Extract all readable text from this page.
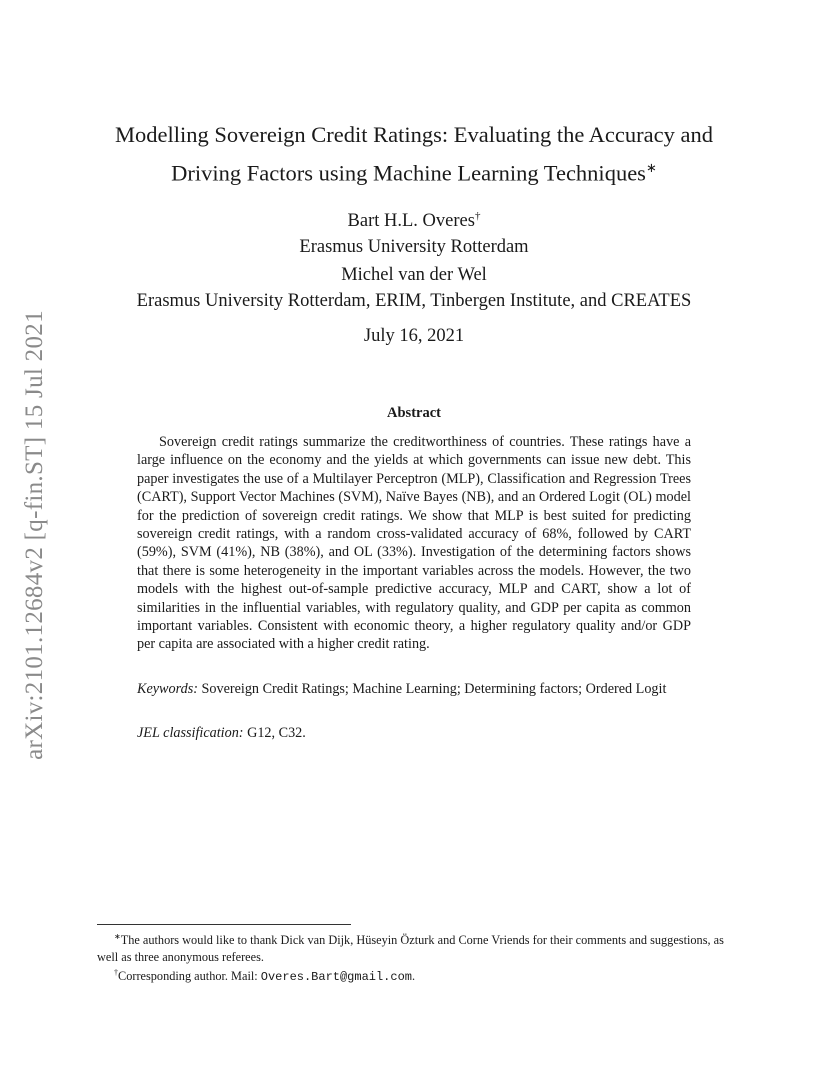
arXiv:2101.12684v2 [q-fin.ST] 15 Jul 2021
Modelling Sovereign Credit Ratings: Evaluating the Accuracy and
Driving Factors using Machine Learning Techniques∗
Bart H.L. Overes†
Erasmus University Rotterdam
Michel van der Wel
Erasmus University Rotterdam, ERIM, Tinbergen Institute, and CREATES
July 16, 2021
Abstract
Sovereign credit ratings summarize the creditworthiness of countries. These ratings have a large influence on the economy and the yields at which governments can issue new debt. This paper investigates the use of a Multilayer Perceptron (MLP), Classification and Regression Trees (CART), Support Vector Machines (SVM), Naïve Bayes (NB), and an Ordered Logit (OL) model for the prediction of sovereign credit ratings. We show that MLP is best suited for predicting sovereign credit ratings, with a random cross-validated accuracy of 68%, followed by CART (59%), SVM (41%), NB (38%), and OL (33%). Investigation of the determining factors shows that there is some heterogeneity in the important variables across the models. However, the two models with the highest out-of-sample predictive accuracy, MLP and CART, show a lot of similarities in the influential variables, with regulatory quality, and GDP per capita as common important variables. Consistent with economic theory, a higher regulatory quality and/or GDP per capita are associated with a higher credit rating.
Keywords: Sovereign Credit Ratings; Machine Learning; Determining factors; Ordered Logit
JEL classification: G12, C32.

∗The authors would like to thank Dick van Dijk, Hüseyin Özturk and Corne Vriends for their comments and suggestions, as well as three anonymous referees.

†Corresponding author. Mail: Overes.Bart@gmail.com.
